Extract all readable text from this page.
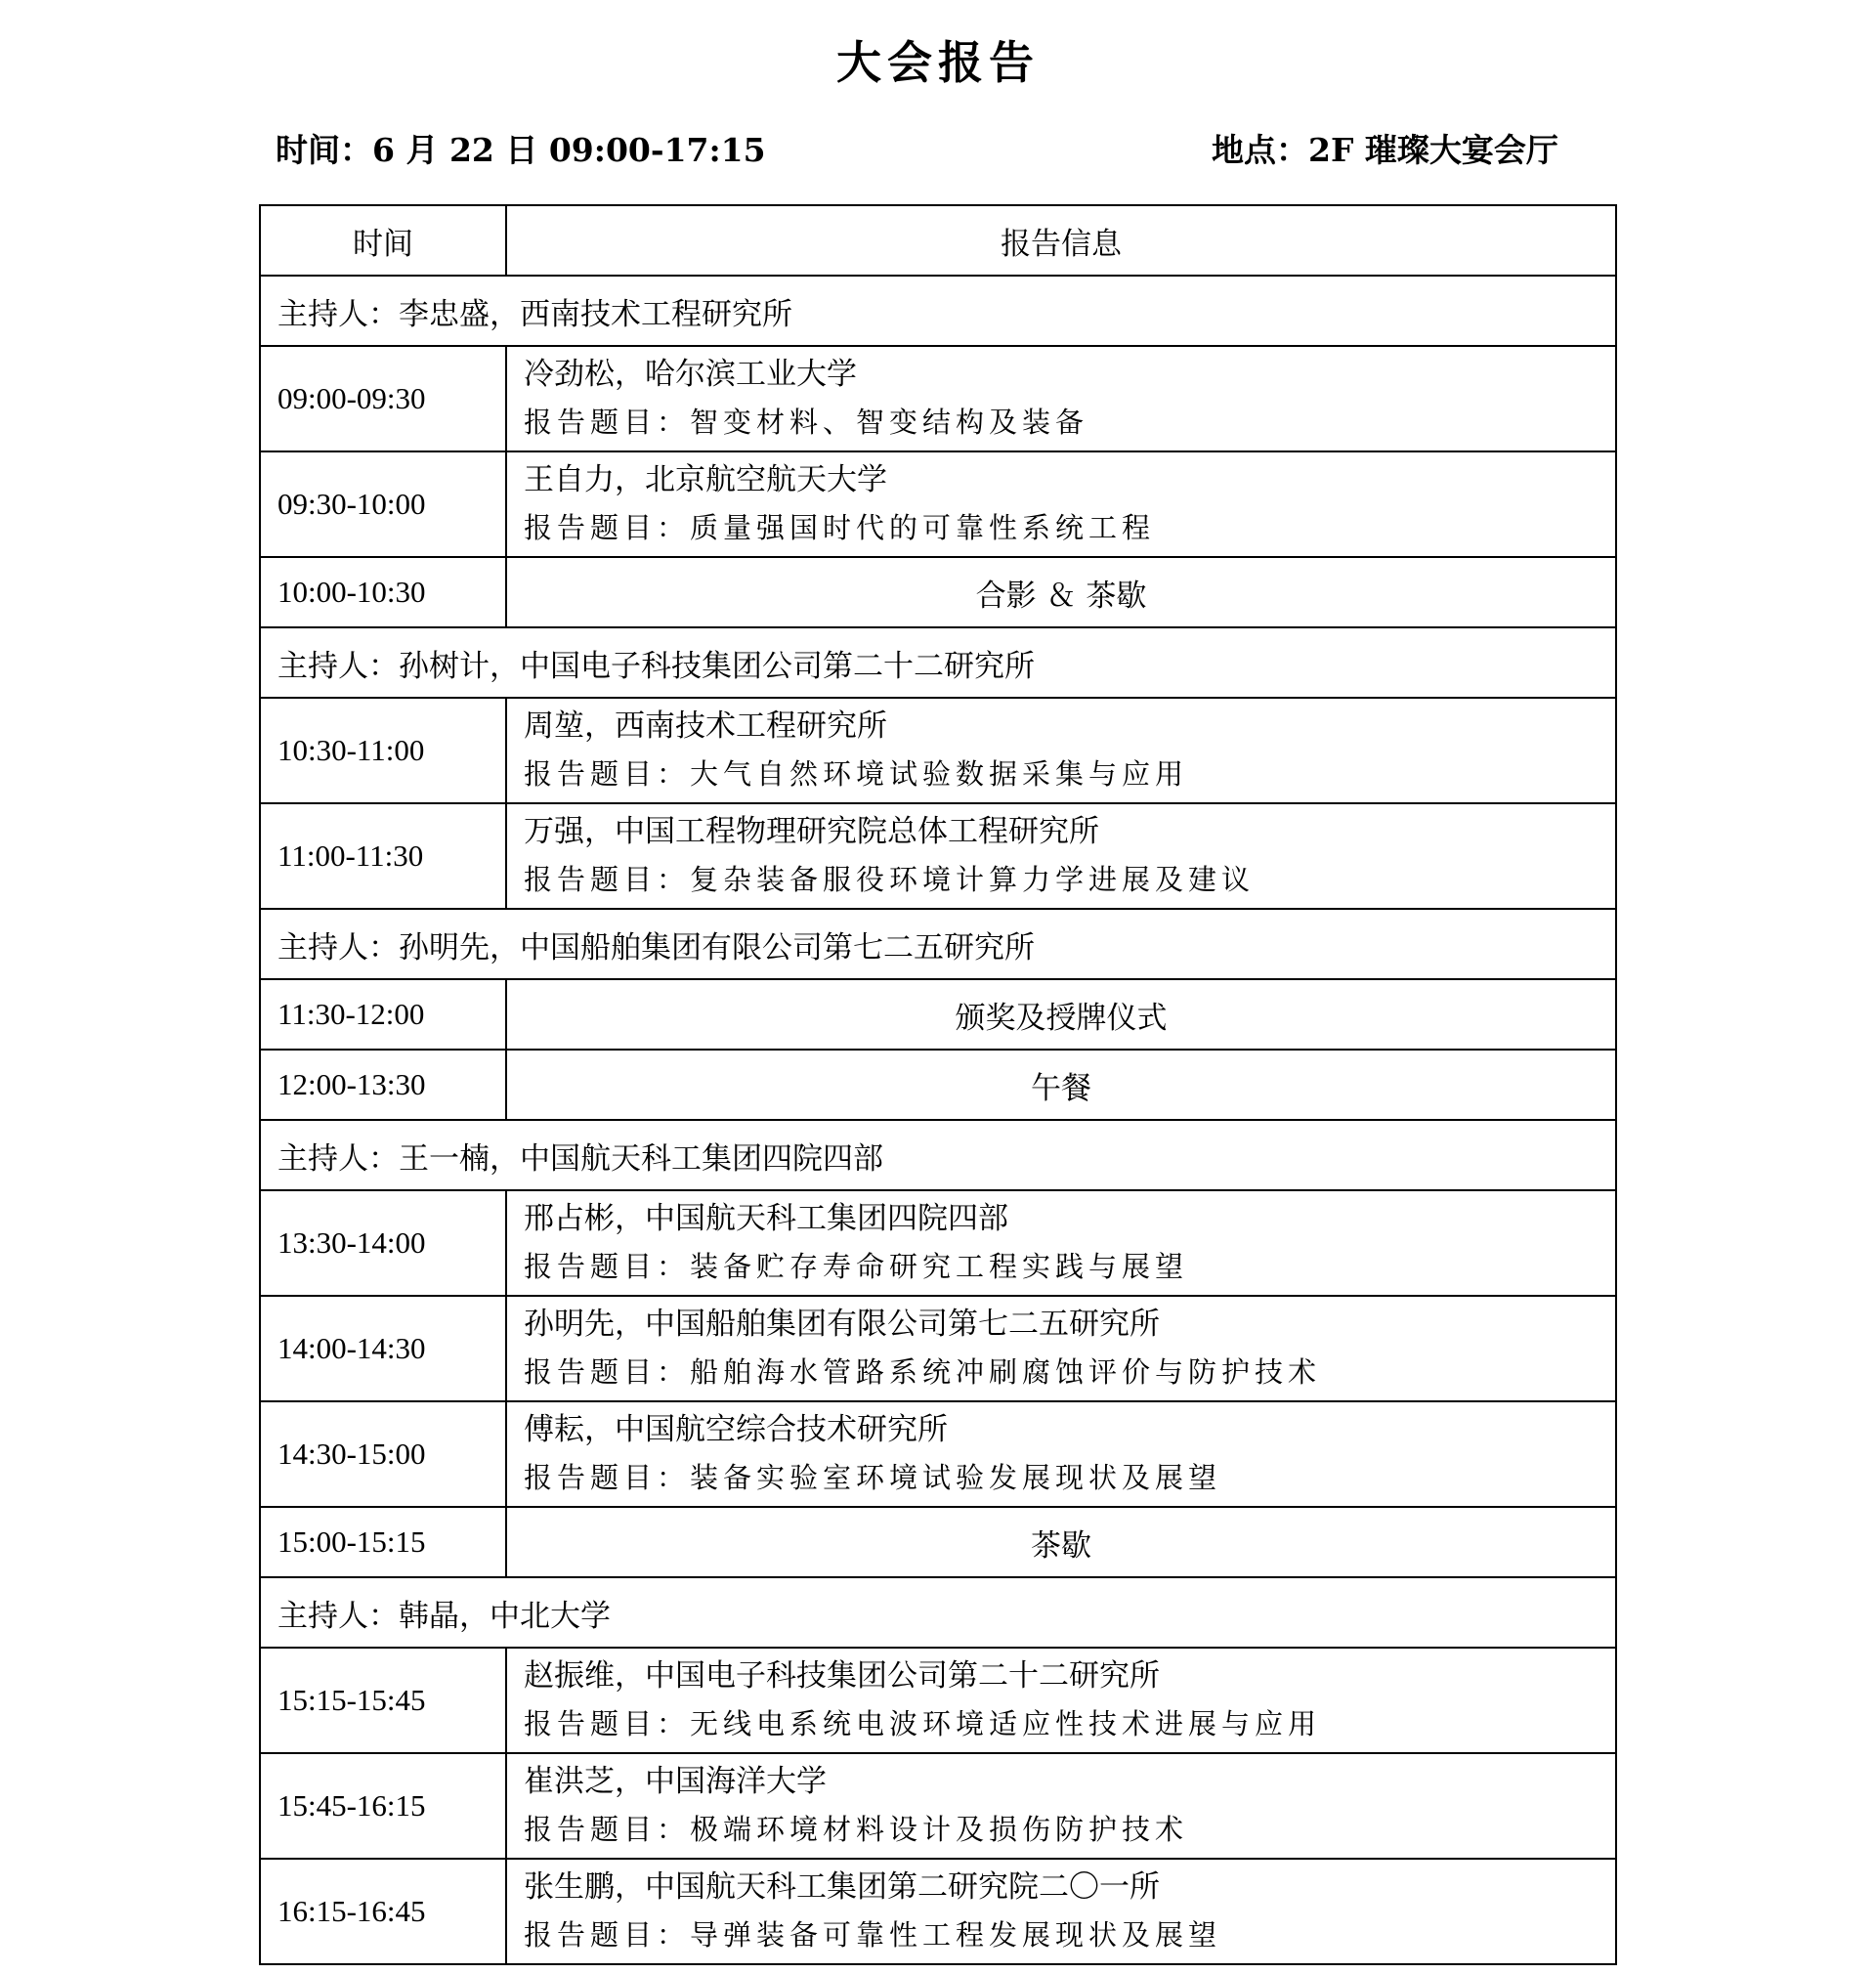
大会报告
时间：6 月 22 日 09:00-17:15	地点：2F 璀璨大宴会厅
时间	报告信息
主持人：李忠盛，西南技术工程研究所	
09:00-09:30	冷劲松，哈尔滨工业大学
报告题目：智变材料、智变结构及装备

09:30-10:00	王自力，北京航空航天大学
报告题目：质量强国时代的可靠性系统工程

10:00-10:30	合影 ＆ 茶歇
主持人：孙树计，中国电子科技集团公司第二十二研究所	
10:30-11:00	周堃，西南技术工程研究所
报告题目：大气自然环境试验数据采集与应用

11:00-11:30	万强，中国工程物理研究院总体工程研究所
报告题目：复杂装备服役环境计算力学进展及建议

主持人：孙明先，中国船舶集团有限公司第七二五研究所	
11:30-12:00	颁奖及授牌仪式
12:00-13:30	午餐
主持人：王一楠，中国航天科工集团四院四部	
13:30-14:00	邢占彬，中国航天科工集团四院四部
报告题目：装备贮存寿命研究工程实践与展望

14:00-14:30	孙明先，中国船舶集团有限公司第七二五研究所
报告题目：船舶海水管路系统冲刷腐蚀评价与防护技术

14:30-15:00	傅耘，中国航空综合技术研究所
报告题目：装备实验室环境试验发展现状及展望

15:00-15:15	茶歇
主持人：韩晶，中北大学	
15:15-15:45	赵振维，中国电子科技集团公司第二十二研究所
报告题目：无线电系统电波环境适应性技术进展与应用

15:45-16:15	崔洪芝，中国海洋大学
报告题目：极端环境材料设计及损伤防护技术

16:15-16:45	张生鹏，中国航天科工集团第二研究院二〇一所
报告题目：导弹装备可靠性工程发展现状及展望
